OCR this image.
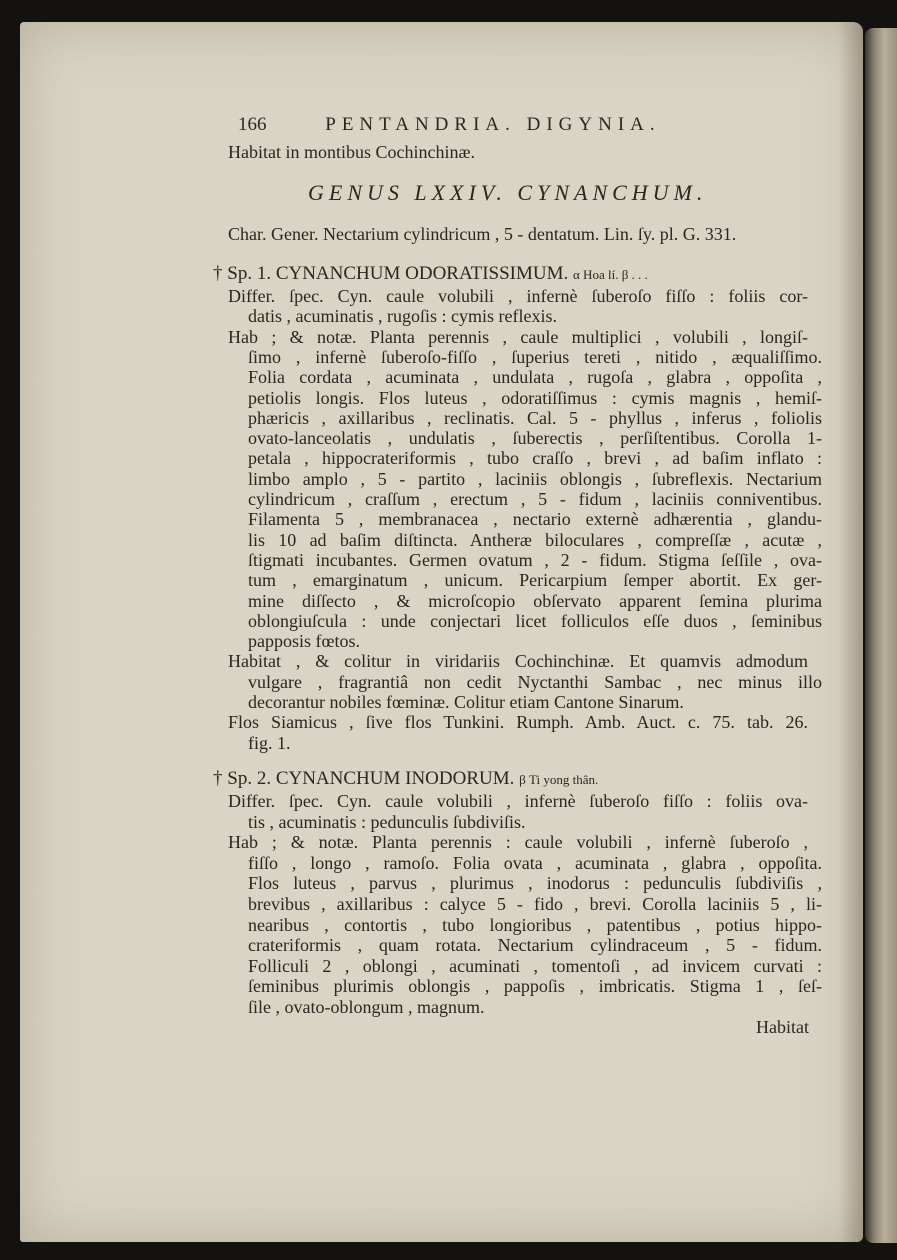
166	PENTANDRIA. DIGYNIA.
Habitat in montibus Cochinchinæ.
GENUS LXXIV. CYNANCHUM.
Char. Gener. Nectarium cylindricum , 5 - dentatum. Lin. ſy. pl. G. 331.
† Sp. 1. CYNANCHUM ODORATISSIMUM. α Hoa lí. β . . .
Differ. ſpec. Cyn. caule volubili , infernè ſuberoſo fiſſo : foliis cor-
datis , acuminatis , rugoſis : cymis reflexis.
Hab ; & notæ. Planta perennis , caule multiplici , volubili , longiſ-
ſimo , infernè ſuberoſo-fiſſo , ſuperius tereti , nitido , æqualiſſimo.
Folia cordata , acuminata , undulata , rugoſa , glabra , oppoſita ,
petiolis longis. Flos luteus , odoratiſſimus : cymis magnis , hemiſ-
phæricis , axillaribus , reclinatis. Cal. 5 - phyllus , inferus , foliolis
ovato-lanceolatis , undulatis , ſuberectis , perſiſtentibus. Corolla 1-
petala , hippocrateriformis , tubo craſſo , brevi , ad baſim inflato :
limbo amplo , 5 - partito , laciniis oblongis , ſubreflexis. Nectarium
cylindricum , craſſum , erectum , 5 - fidum , laciniis conniventibus.
Filamenta 5 , membranacea , nectario externè adhærentia , glandu-
lis 10 ad baſim diſtincta. Antheræ biloculares , compreſſæ , acutæ ,
ſtigmati incubantes. Germen ovatum , 2 - fidum. Stigma ſeſſile , ova-
tum , emarginatum , unicum. Pericarpium ſemper abortit. Ex ger-
mine diſſecto , & microſcopio obſervato apparent ſemina plurima
oblongiuſcula : unde conjectari licet folliculos eſſe duos , ſeminibus
papposis fœtos.
Habitat , & colitur in viridariis Cochinchinæ. Et quamvis admodum
vulgare , fragrantiâ non cedit Nyctanthi Sambac , nec minus illo
decorantur nobiles fœminæ. Colitur etiam Cantone Sinarum.
Flos Siamicus , ſive flos Tunkini. Rumph. Amb. Auct. c. 75. tab. 26.
fig. 1.
† Sp. 2. CYNANCHUM INODORUM. β Ti yong thân.
Differ. ſpec. Cyn. caule volubili , infernè ſuberoſo fiſſo : foliis ova-
tis , acuminatis : pedunculis ſubdiviſis.
Hab ; & notæ. Planta perennis : caule volubili , infernè ſuberoſo ,
fiſſo , longo , ramoſo. Folia ovata , acuminata , glabra , oppoſita.
Flos luteus , parvus , plurimus , inodorus : pedunculis ſubdiviſis ,
brevibus , axillaribus : calyce 5 - fido , brevi. Corolla laciniis 5 , li-
nearibus , contortis , tubo longioribus , patentibus , potius hippo-
crateriformis , quam rotata. Nectarium cylindraceum , 5 - fidum.
Folliculi 2 , oblongi , acuminati , tomentoſi , ad invicem curvati :
ſeminibus plurimis oblongis , pappoſis , imbricatis. Stigma 1 , ſeſ-
ſile , ovato-oblongum , magnum.
Habitat
